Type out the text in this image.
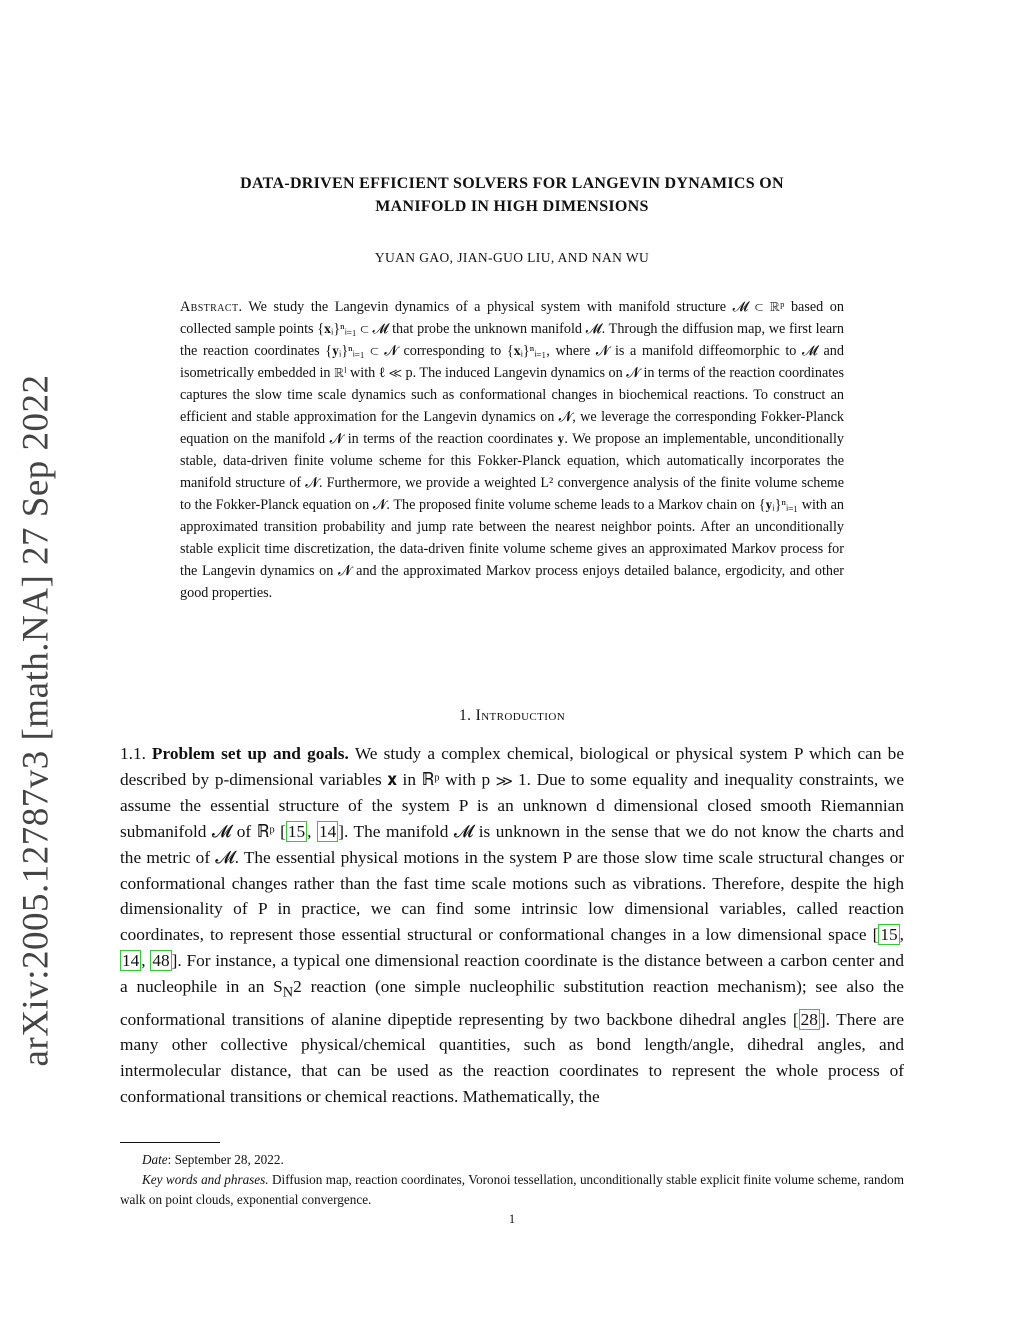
arXiv:2005.12787v3 [math.NA] 27 Sep 2022
DATA-DRIVEN EFFICIENT SOLVERS FOR LANGEVIN DYNAMICS ON
MANIFOLD IN HIGH DIMENSIONS
YUAN GAO, JIAN-GUO LIU, AND NAN WU
Abstract. We study the Langevin dynamics of a physical system with manifold structure 𝓜 ⊂ ℝᵖ based on collected sample points {𝐱ᵢ}ⁿᵢ₌₁ ⊂ 𝓜 that probe the unknown manifold 𝓜. Through the diffusion map, we first learn the reaction coordinates {𝐲ᵢ}ⁿᵢ₌₁ ⊂ 𝓝 corresponding to {𝐱ᵢ}ⁿᵢ₌₁, where 𝓝 is a manifold diffeomorphic to 𝓜 and isometrically embedded in ℝˡ with ℓ ≪ p. The induced Langevin dynamics on 𝓝 in terms of the reaction coordinates captures the slow time scale dynamics such as conformational changes in biochemical reactions. To construct an efficient and stable approximation for the Langevin dynamics on 𝓝, we leverage the corresponding Fokker-Planck equation on the manifold 𝓝 in terms of the reaction coordinates 𝐲. We propose an implementable, unconditionally stable, data-driven finite volume scheme for this Fokker-Planck equation, which automatically incorporates the manifold structure of 𝓝. Furthermore, we provide a weighted L² convergence analysis of the finite volume scheme to the Fokker-Planck equation on 𝓝. The proposed finite volume scheme leads to a Markov chain on {𝐲ᵢ}ⁿᵢ₌₁ with an approximated transition probability and jump rate between the nearest neighbor points. After an unconditionally stable explicit time discretization, the data-driven finite volume scheme gives an approximated Markov process for the Langevin dynamics on 𝓝 and the approximated Markov process enjoys detailed balance, ergodicity, and other good properties.
1. Introduction
1.1. Problem set up and goals. We study a complex chemical, biological or physical system P which can be described by p-dimensional variables 𝐱 in ℝᵖ with p ≫ 1. Due to some equality and inequality constraints, we assume the essential structure of the system P is an unknown d dimensional closed smooth Riemannian submanifold 𝓜 of ℝᵖ [ 15 , 14 ]. The manifold 𝓜 is unknown in the sense that we do not know the charts and the metric of 𝓜. The essential physical motions in the system P are those slow time scale structural changes or conformational changes rather than the fast time scale motions such as vibrations. Therefore, despite the high dimensionality of P in practice, we can find some intrinsic low dimensional variables, called reaction coordinates, to represent those essential structural or conformational changes in a low dimensional space [ 15 , 14 , 48 ]. For instance, a typical one dimensional reaction coordinate is the distance between a carbon center and a nucleophile in an $S_N2$ reaction (one simple nucleophilic substitution reaction mechanism); see also the conformational transitions of alanine dipeptide representing by two backbone dihedral angles [ 28 ]. There are many other collective physical/chemical quantities, such as bond length/angle, dihedral angles, and intermolecular distance, that can be used as the reaction coordinates to represent the whole process of conformational transitions or chemical reactions. Mathematically, the

Date: September 28, 2022.

Key words and phrases. Diffusion map, reaction coordinates, Voronoi tessellation, unconditionally stable explicit finite volume scheme, random walk on point clouds, exponential convergence.

1
